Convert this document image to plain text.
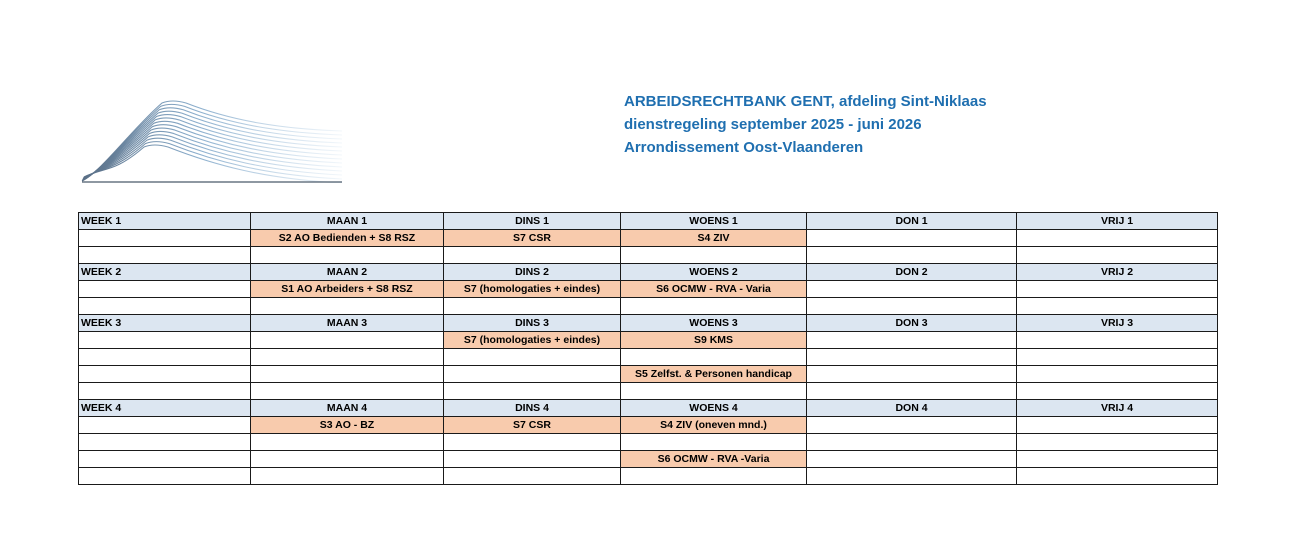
ARBEIDSRECHTBANK GENT, afdeling Sint-Niklaas
dienstregeling september 2025 - juni 2026
Arrondissement Oost-Vlaanderen
WEEK 1	MAAN 1	DINS 1	WOENS 1	DON 1	VRIJ 1
	S2 AO Bedienden + S8 RSZ	S7 CSR	S4 ZIV		

WEEK 2	MAAN 2	DINS 2	WOENS 2	DON 2	VRIJ 2
	S1 AO Arbeiders + S8 RSZ	S7 (homologaties + eindes)	S6 OCMW - RVA - Varia		

WEEK 3	MAAN 3	DINS 3	WOENS 3	DON 3	VRIJ 3
		S7 (homologaties + eindes)	S9 KMS		

			S5 Zelfst. & Personen handicap		

WEEK 4	MAAN 4	DINS 4	WOENS 4	DON 4	VRIJ 4
	S3 AO - BZ	S7 CSR	S4 ZIV (oneven mnd.)		

			S6 OCMW - RVA -Varia		
